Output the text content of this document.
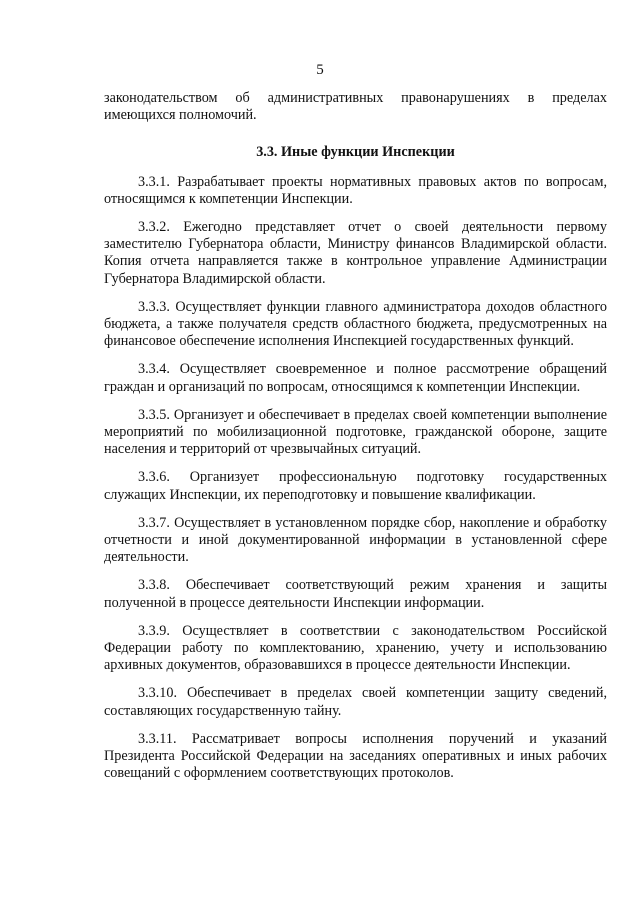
5

законодательством об административных правонарушениях в пределах имеющихся полномочий.

3.3. Иные функции Инспекции

3.3.1. Разрабатывает проекты нормативных правовых актов по вопросам, относящимся к компетенции Инспекции.

3.3.2. Ежегодно представляет отчет о своей деятельности первому заместителю Губернатора области, Министру финансов Владимирской области. Копия отчета направляется также в контрольное управление Администрации Губернатора Владимирской области.

3.3.3. Осуществляет функции главного администратора доходов областного бюджета, а также получателя средств областного бюджета, предусмотренных на финансовое обеспечение исполнения Инспекцией государственных функций.

3.3.4. Осуществляет своевременное и полное рассмотрение обращений граждан и организаций по вопросам, относящимся к компетенции Инспекции.

3.3.5. Организует и обеспечивает в пределах своей компетенции выполнение мероприятий по мобилизационной подготовке, гражданской обороне, защите населения и территорий от чрезвычайных ситуаций.

3.3.6. Организует профессиональную подготовку государственных служащих Инспекции, их переподготовку и повышение квалификации.

3.3.7. Осуществляет в установленном порядке сбор, накопление и обработку отчетности и иной документированной информации в установленной сфере деятельности.

3.3.8. Обеспечивает соответствующий режим хранения и защиты полученной в процессе деятельности Инспекции информации.

3.3.9. Осуществляет в соответствии с законодательством Российской Федерации работу по комплектованию, хранению, учету и использованию архивных документов, образовавшихся в процессе деятельности Инспекции.

3.3.10. Обеспечивает в пределах своей компетенции защиту сведений, составляющих государственную тайну.

3.3.11. Рассматривает вопросы исполнения поручений и указаний Президента Российской Федерации на заседаниях оперативных и иных рабочих совещаний с оформлением соответствующих протоколов.
